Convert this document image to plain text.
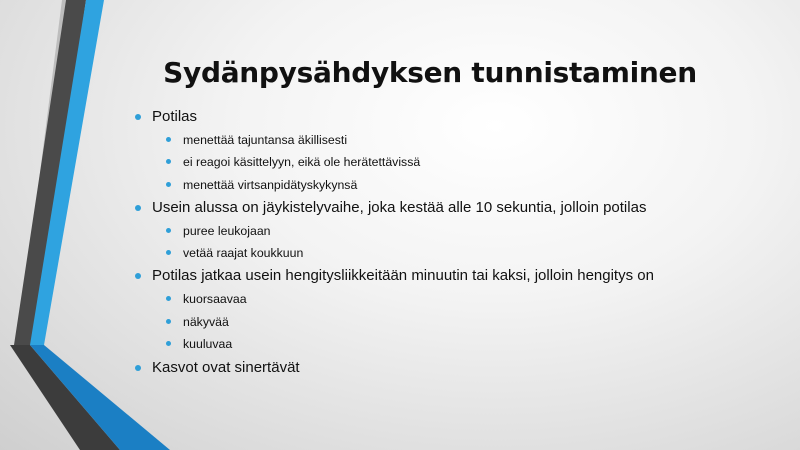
Sydänpysähdyksen tunnistaminen
Potilas
menettää tajuntansa äkillisesti
ei reagoi käsittelyyn, eikä ole herätettävissä
menettää virtsanpidätyskykynsä
Usein alussa on jäykistelyvaihe, joka kestää alle 10 sekuntia, jolloin potilas
puree leukojaan
vetää raajat koukkuun
Potilas jatkaa usein hengitysliikkeitään minuutin tai kaksi, jolloin hengitys on
kuorsaavaa
näkyvää
kuuluvaa
Kasvot ovat sinertävät
